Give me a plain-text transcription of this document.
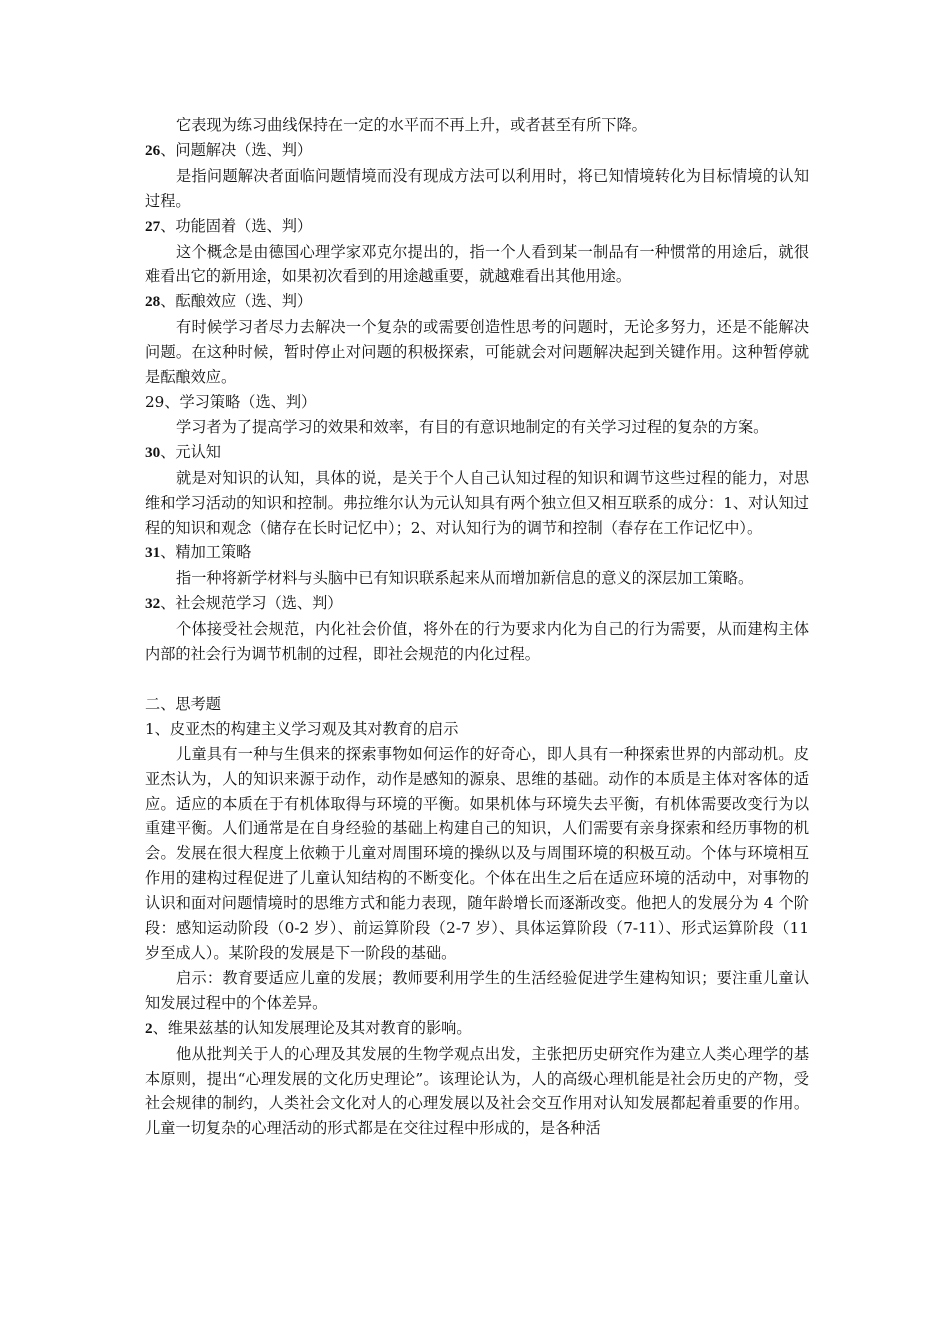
它表现为练习曲线保持在一定的水平而不再上升，或者甚至有所下降。

26、问题解决（选、判）

是指问题解决者面临问题情境而没有现成方法可以利用时，将已知情境转化为目标情境的认知过程。

27、功能固着（选、判）

这个概念是由德国心理学家邓克尔提出的，指一个人看到某一制品有一种惯常的用途后，就很难看出它的新用途，如果初次看到的用途越重要，就越难看出其他用途。

28、酝酿效应（选、判）

有时候学习者尽力去解决一个复杂的或需要创造性思考的问题时，无论多努力，还是不能解决问题。在这种时候，暂时停止对问题的积极探索，可能就会对问题解决起到关键作用。这种暂停就是酝酿效应。

29、学习策略（选、判）

学习者为了提高学习的效果和效率，有目的有意识地制定的有关学习过程的复杂的方案。

30、元认知

就是对知识的认知，具体的说，是关于个人自己认知过程的知识和调节这些过程的能力，对思维和学习活动的知识和控制。弗拉维尔认为元认知具有两个独立但又相互联系的成分：1、对认知过程的知识和观念（储存在长时记忆中）；2、对认知行为的调节和控制（春存在工作记忆中）。

31、精加工策略

指一种将新学材料与头脑中已有知识联系起来从而增加新信息的意义的深层加工策略。

32、社会规范学习（选、判）

个体接受社会规范，内化社会价值，将外在的行为要求内化为自己的行为需要，从而建构主体内部的社会行为调节机制的过程，即社会规范的内化过程。

二、思考题

1、皮亚杰的构建主义学习观及其对教育的启示

儿童具有一种与生俱来的探索事物如何运作的好奇心，即人具有一种探索世界的内部动机。皮亚杰认为，人的知识来源于动作，动作是感知的源泉、思维的基础。动作的本质是主体对客体的适应。适应的本质在于有机体取得与环境的平衡。如果机体与环境失去平衡，有机体需要改变行为以重建平衡。人们通常是在自身经验的基础上构建自己的知识，人们需要有亲身探索和经历事物的机会。发展在很大程度上依赖于儿童对周围环境的操纵以及与周围环境的积极互动。个体与环境相互作用的建构过程促进了儿童认知结构的不断变化。个体在出生之后在适应环境的活动中，对事物的认识和面对问题情境时的思维方式和能力表现，随年龄增长而逐渐改变。他把人的发展分为 4 个阶段：感知运动阶段（0-2 岁）、前运算阶段（2-7 岁）、具体运算阶段（7-11）、形式运算阶段（11 岁至成人）。某阶段的发展是下一阶段的基础。

启示：教育要适应儿童的发展；教师要利用学生的生活经验促进学生建构知识；要注重儿童认知发展过程中的个体差异。

2、维果兹基的认知发展理论及其对教育的影响。

他从批判关于人的心理及其发展的生物学观点出发，主张把历史研究作为建立人类心理学的基本原则，提出“心理发展的文化历史理论”。该理论认为，人的高级心理机能是社会历史的产物，受社会规律的制约，人类社会文化对人的心理发展以及社会交互作用对认知发展都起着重要的作用。儿童一切复杂的心理活动的形式都是在交往过程中形成的，是各种活
